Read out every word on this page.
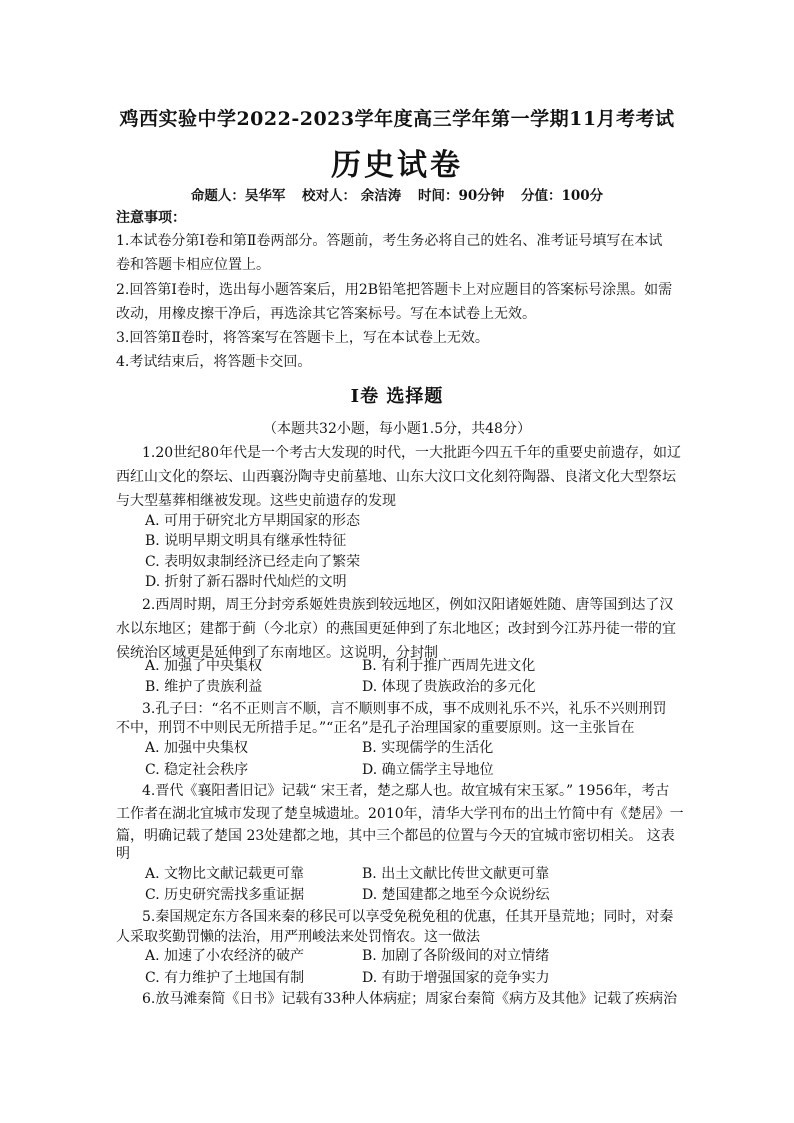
鸡西实验中学2022-2023学年度高三学年第一学期11月考考试
历史试卷
命题人：吴华军 校对人： 余洁涛 时间：90分钟 分值：100分
注意事项：
1.本试卷分第Ⅰ卷和第Ⅱ卷两部分。答题前，考生务必将自己的姓名、准考证号填写在本试
卷和答题卡相应位置上。
2.回答第Ⅰ卷时，选出每小题答案后，用2B铅笔把答题卡上对应题目的答案标号涂黑。如需
改动，用橡皮擦干净后，再选涂其它答案标号。写在本试卷上无效。
3.回答第Ⅱ卷时，将答案写在答题卡上，写在本试卷上无效。
4.考试结束后，将答题卡交回。
Ⅰ卷 选择题
（本题共32小题，每小题1.5分，共48分）
1.20世纪80年代是一个考古大发现的时代，一大批距今四五千年的重要史前遗存，如辽
西红山文化的祭坛、山西襄汾陶寺史前墓地、山东大汶口文化刻符陶器、良渚文化大型祭坛
与大型墓葬相继被发现。这些史前遗存的发现
A. 可用于研究北方早期国家的形态
B. 说明早期文明具有继承性特征
C. 表明奴隶制经济已经走向了繁荣
D. 折射了新石器时代灿烂的文明
2.西周时期，周王分封旁系姬姓贵族到较远地区，例如汉阳诸姬姓随、唐等国到达了汉
水以东地区；建都于蓟（今北京）的燕国更延伸到了东北地区；改封到今江苏丹徒一带的宜
侯统治区域更是延伸到了东南地区。这说明，分封制
A. 加强了中央集权	B. 有利于推广西周先进文化
B. 维护了贵族利益	D. 体现了贵族政治的多元化
3.孔子曰：“名不正则言不顺，言不顺则事不成，事不成则礼乐不兴，礼乐不兴则刑罚
不中，刑罚不中则民无所措手足。”“正名”是孔子治理国家的重要原则。这一主张旨在
A. 加强中央集权	B. 实现儒学的生活化
C. 稳定社会秩序	D. 确立儒学主导地位
4.晋代《襄阳耆旧记》记载“ 宋王者，楚之鄢人也。故宜城有宋玉冢。” 1956年，考古
工作者在湖北宜城市发现了楚皇城遗址。2010年，清华大学刊布的出土竹简中有《楚居》一
篇，明确记载了楚国 23处建都之地，其中三个都邑的位置与今天的宜城市密切相关。 这表
明
A. 文物比文献记载更可靠	B. 出土文献比传世文献更可靠
C. 历史研究需找多重证据	D. 楚国建都之地至今众说纷纭
5.秦国规定东方各国来秦的移民可以享受免税免租的优惠，任其开垦荒地；同时，对秦
人采取奖勤罚懒的法治，用严刑峻法来处罚惰农。这一做法
A. 加速了小农经济的破产	B. 加剧了各阶级间的对立情绪
C. 有力维护了土地国有制	D. 有助于增强国家的竞争实力
6.放马滩秦简《日书》记载有33种人体病症；周家台秦简《病方及其他》记载了疾病治
